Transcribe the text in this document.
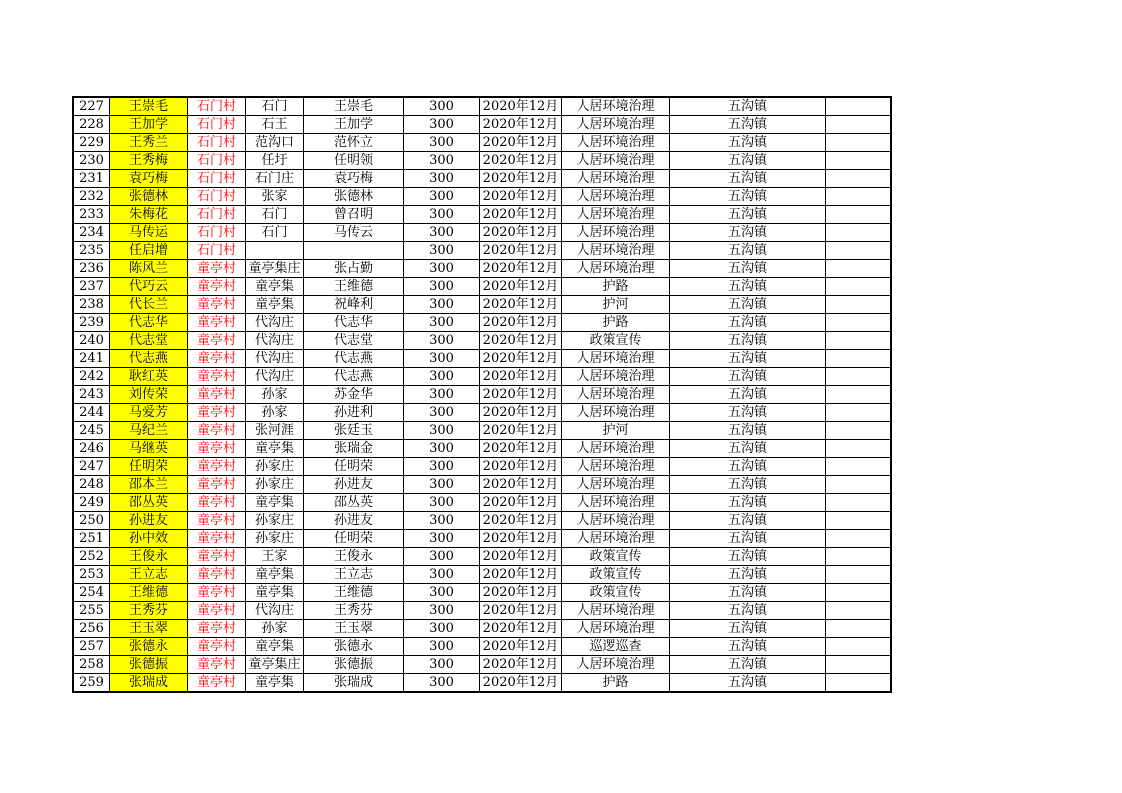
227	王崇毛	石门村	石门	王崇毛	300	2020年12月	人居环境治理	五沟镇	
228	王加学	石门村	石王	王加学	300	2020年12月	人居环境治理	五沟镇	
229	王秀兰	石门村	范沟口	范怀立	300	2020年12月	人居环境治理	五沟镇	
230	王秀梅	石门村	任圩	任明领	300	2020年12月	人居环境治理	五沟镇	
231	袁巧梅	石门村	石门庄	袁巧梅	300	2020年12月	人居环境治理	五沟镇	
232	张德林	石门村	张家	张德林	300	2020年12月	人居环境治理	五沟镇	
233	朱梅花	石门村	石门	曾召明	300	2020年12月	人居环境治理	五沟镇	
234	马传运	石门村	石门	马传云	300	2020年12月	人居环境治理	五沟镇	
235	任启增	石门村			300	2020年12月	人居环境治理	五沟镇	
236	陈风兰	童亭村	童亭集庄	张占勤	300	2020年12月	人居环境治理	五沟镇	
237	代巧云	童亭村	童亭集	王维德	300	2020年12月	护路	五沟镇	
238	代长兰	童亭村	童亭集	祝峰利	300	2020年12月	护河	五沟镇	
239	代志华	童亭村	代沟庄	代志华	300	2020年12月	护路	五沟镇	
240	代志堂	童亭村	代沟庄	代志堂	300	2020年12月	政策宣传	五沟镇	
241	代志燕	童亭村	代沟庄	代志燕	300	2020年12月	人居环境治理	五沟镇	
242	耿红英	童亭村	代沟庄	代志燕	300	2020年12月	人居环境治理	五沟镇	
243	刘传荣	童亭村	孙家	苏金华	300	2020年12月	人居环境治理	五沟镇	
244	马爱芳	童亭村	孙家	孙进利	300	2020年12月	人居环境治理	五沟镇	
245	马纪兰	童亭村	张河涯	张廷玉	300	2020年12月	护河	五沟镇	
246	马继英	童亭村	童亭集	张瑞金	300	2020年12月	人居环境治理	五沟镇	
247	任明荣	童亭村	孙家庄	任明荣	300	2020年12月	人居环境治理	五沟镇	
248	邵本兰	童亭村	孙家庄	孙进友	300	2020年12月	人居环境治理	五沟镇	
249	邵丛英	童亭村	童亭集	邵丛英	300	2020年12月	人居环境治理	五沟镇	
250	孙进友	童亭村	孙家庄	孙进友	300	2020年12月	人居环境治理	五沟镇	
251	孙中效	童亭村	孙家庄	任明荣	300	2020年12月	人居环境治理	五沟镇	
252	王俊永	童亭村	王家	王俊永	300	2020年12月	政策宣传	五沟镇	
253	王立志	童亭村	童亭集	王立志	300	2020年12月	政策宣传	五沟镇	
254	王维德	童亭村	童亭集	王维德	300	2020年12月	政策宣传	五沟镇	
255	王秀芬	童亭村	代沟庄	王秀芬	300	2020年12月	人居环境治理	五沟镇	
256	王玉翠	童亭村	孙家	王玉翠	300	2020年12月	人居环境治理	五沟镇	
257	张德永	童亭村	童亭集	张德永	300	2020年12月	巡逻巡查	五沟镇	
258	张德振	童亭村	童亭集庄	张德振	300	2020年12月	人居环境治理	五沟镇	
259	张瑞成	童亭村	童亭集	张瑞成	300	2020年12月	护路	五沟镇	
